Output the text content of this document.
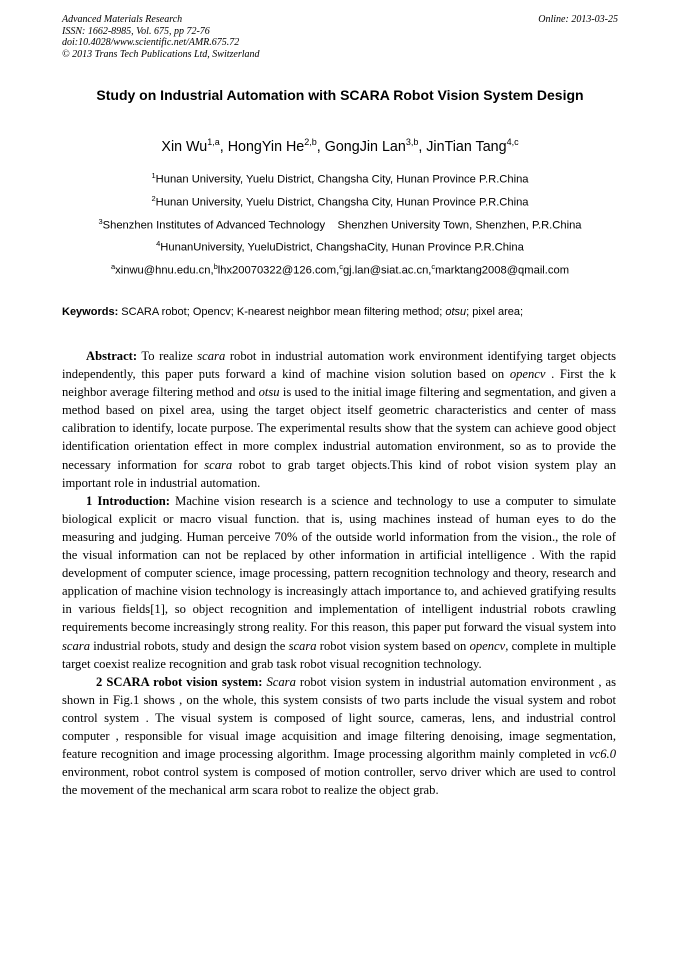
Advanced Materials Research
ISSN: 1662-8985, Vol. 675, pp 72-76
doi:10.4028/www.scientific.net/AMR.675.72
© 2013 Trans Tech Publications Ltd, Switzerland
Online: 2013-03-25
Study on Industrial Automation with SCARA Robot Vision System Design
Xin Wu$^{1,a}$, HongYin He$^{2,b}$, GongJin Lan$^{3,b}$, JinTian Tang$^{4,c}$
$^1$Hunan University, Yuelu District, Changsha City, Hunan Province P.R.China
$^2$Hunan University, Yuelu District, Changsha City, Hunan Province P.R.China
$^3$Shenzhen Institutes of Advanced Technology    Shenzhen University Town, Shenzhen, P.R.China
$^4$HunanUniversity, YueluDistrict, ChangshaCity, Hunan Province P.R.China
$^a$xinwu@hnu.edu.cn,$^b$lhx20070322@126.com,$^c$gj.lan@siat.ac.cn,$^c$marktang2008@qmail.com
Keywords: SCARA robot; Opencv; K-nearest neighbor mean filtering method; otsu; pixel area;

Abstract: To realize scara robot in industrial automation work environment identifying target objects independently, this paper puts forward a kind of machine vision solution based on opencv . First the k neighbor average filtering method and otsu is used to the initial image filtering and segmentation, and given a method based on pixel area, using the target object itself geometric characteristics and center of mass calibration to identify, locate purpose. The experimental results show that the system can achieve good object identification orientation effect in more complex industrial automation environment, so as to provide the necessary information for scara robot to grab target objects.This kind of robot vision system play an important role in industrial automation.

1 Introduction: Machine vision research is a science and technology to use a computer to simulate biological explicit or macro visual function. that is, using machines instead of human eyes to do the measuring and judging. Human perceive 70% of the outside world information from the vision., the role of the visual information can not be replaced by other information in artificial intelligence . With the rapid development of computer science, image processing, pattern recognition technology and theory, research and application of machine vision technology is increasingly attach importance to, and achieved gratifying results in various fields[1], so object recognition and implementation of intelligent industrial robots crawling requirements become increasingly strong reality. For this reason, this paper put forward the visual system into scara industrial robots, study and design the scara robot vision system based on opencv, complete in multiple target coexist realize recognition and grab task robot visual recognition technology.

2 SCARA robot vision system: Scara robot vision system in industrial automation environment , as shown in Fig.1 shows , on the whole, this system consists of two parts include the visual system and robot control system . The visual system is composed of light source, cameras, lens, and industrial control computer , responsible for visual image acquisition and image filtering denoising, image segmentation, feature recognition and image processing algorithm. Image processing algorithm mainly completed in vc6.0 environment, robot control system is composed of motion controller, servo driver which are used to control the movement of the mechanical arm scara robot to realize the object grab.
